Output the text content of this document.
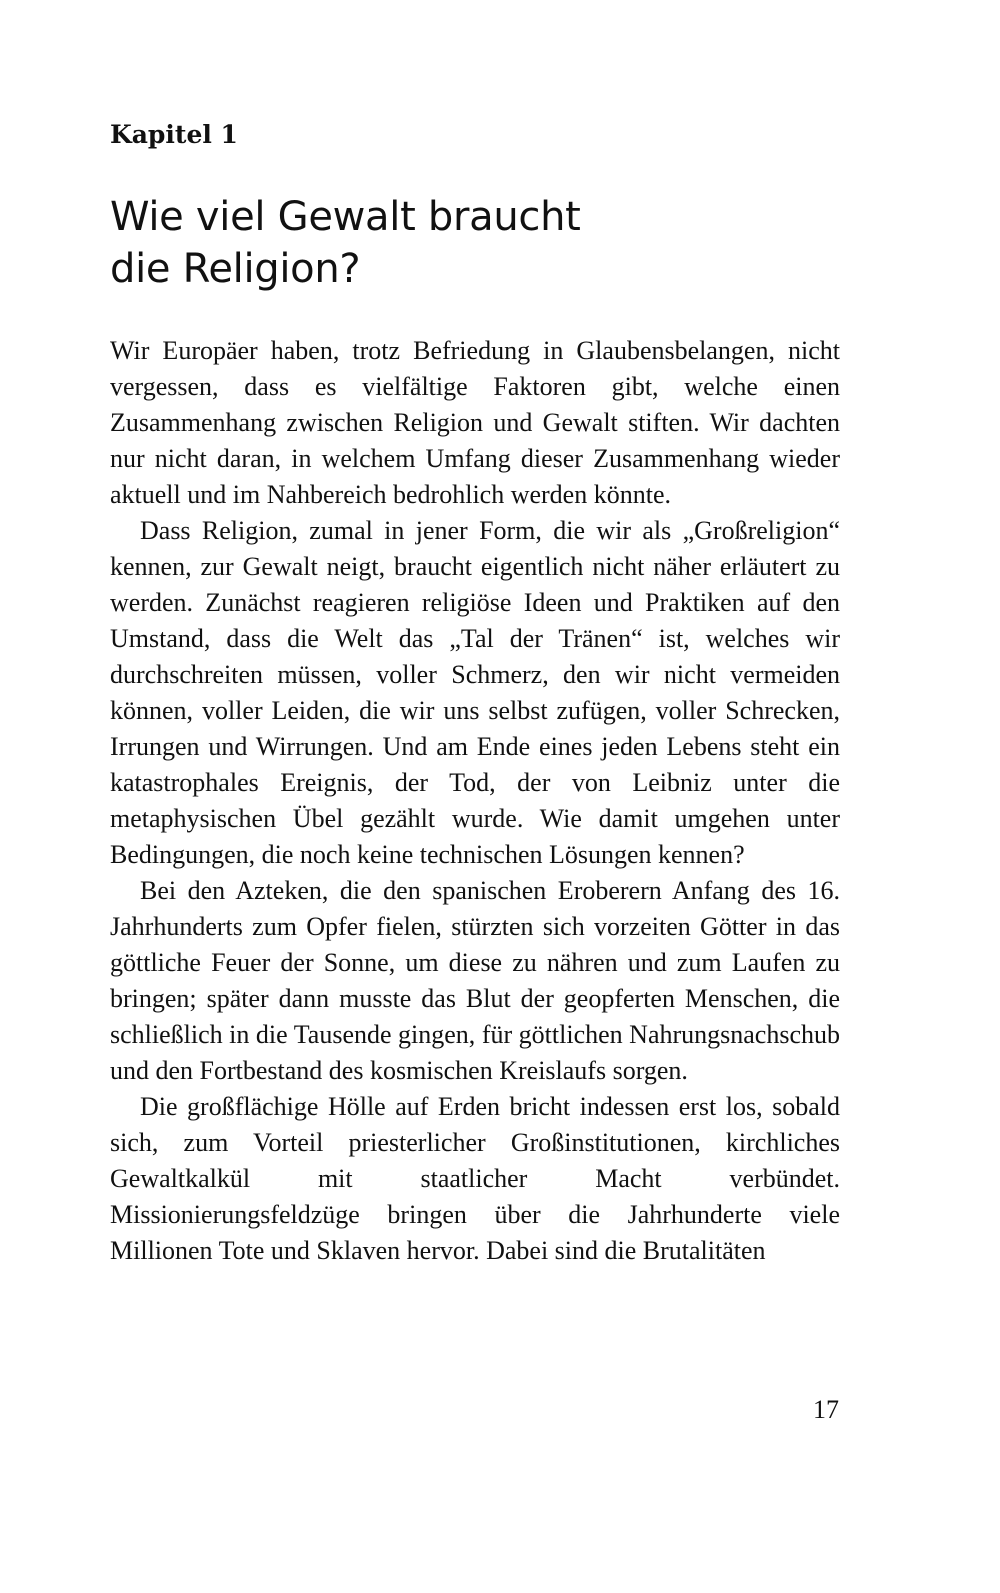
Kapitel 1
Wie viel Gewalt braucht
die Religion?

Wir Europäer haben, trotz Befriedung in Glaubensbelangen, nicht vergessen, dass es vielfältige Faktoren gibt, welche einen Zusammenhang zwischen Religion und Gewalt stiften. Wir dachten nur nicht daran, in welchem Umfang dieser Zusammenhang wieder aktuell und im Nahbereich bedrohlich werden könnte.

Dass Religion, zumal in jener Form, die wir als „Großreligion“ kennen, zur Gewalt neigt, braucht eigentlich nicht näher erläutert zu werden. Zunächst reagieren religiöse Ideen und Praktiken auf den Umstand, dass die Welt das „Tal der Tränen“ ist, welches wir durchschreiten müssen, voller Schmerz, den wir nicht vermeiden können, voller Leiden, die wir uns selbst zufügen, voller Schrecken, Irrungen und Wirrungen. Und am Ende eines jeden Lebens steht ein katastrophales Ereignis, der Tod, der von Leibniz unter die metaphysischen Übel gezählt wurde. Wie damit umgehen unter Bedingungen, die noch keine technischen Lösungen kennen?

Bei den Azteken, die den spanischen Eroberern Anfang des 16. Jahrhunderts zum Opfer fielen, stürzten sich vorzeiten Götter in das göttliche Feuer der Sonne, um diese zu nähren und zum Laufen zu bringen; später dann musste das Blut der geopferten Menschen, die schließlich in die Tausende gingen, für göttlichen Nahrungsnachschub und den Fortbestand des kosmischen Kreislaufs sorgen.

Die großflächige Hölle auf Erden bricht indessen erst los, sobald sich, zum Vorteil priesterlicher Großinstitutionen, kirchliches Gewaltkalkül mit staatlicher Macht verbündet. Missionierungsfeldzüge bringen über die Jahrhunderte viele Millionen Tote und Sklaven hervor. Dabei sind die Brutalitäten

17
